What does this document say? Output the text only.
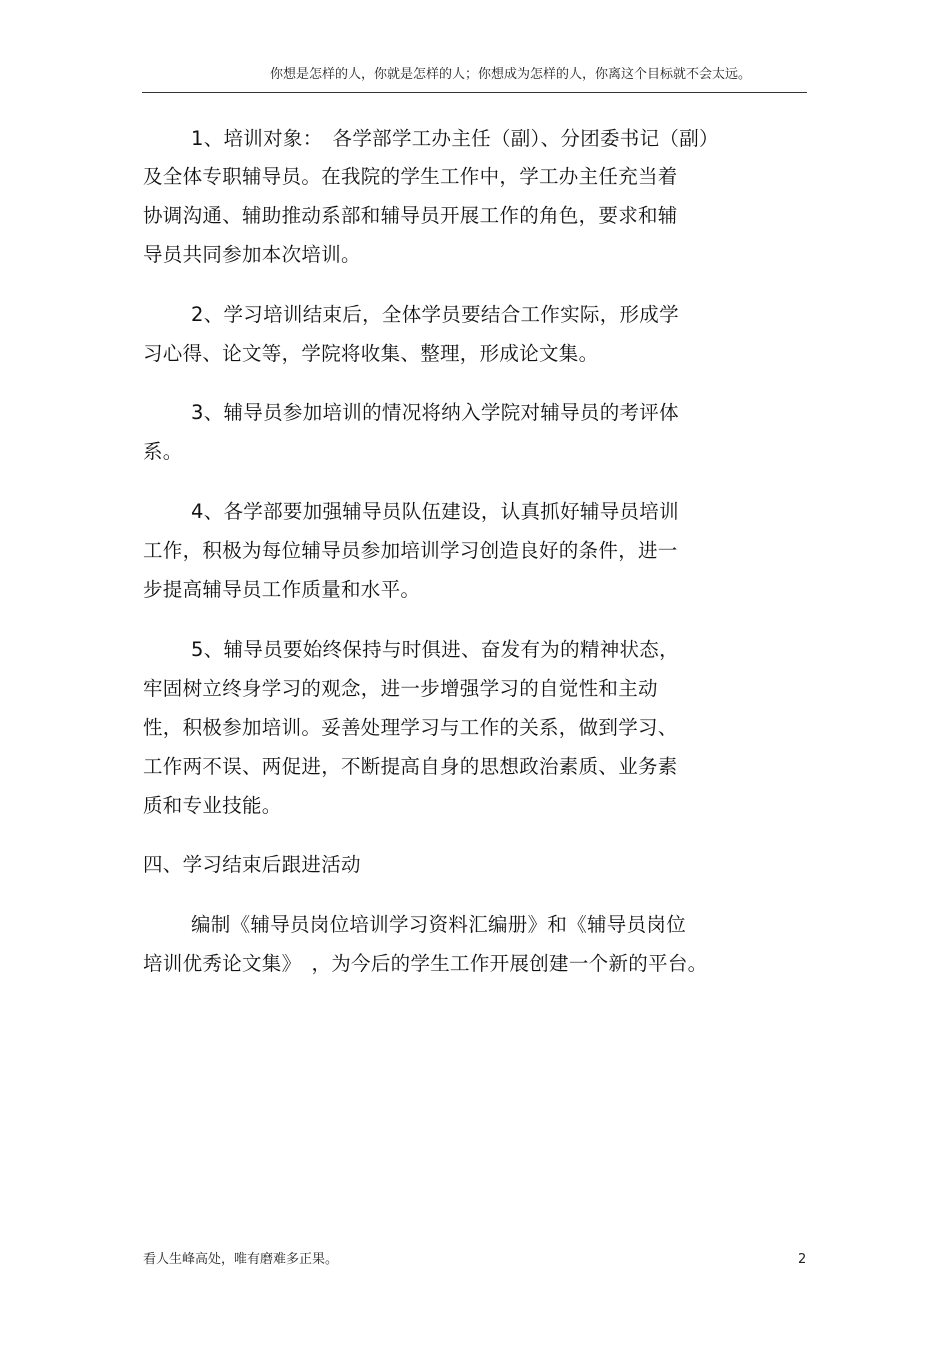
你想是怎样的人，你就是怎样的人；你想成为怎样的人，你离这个目标就不会太远。
1、培训对象：　各学部学工办主任（副）、分团委书记（副）
及全体专职辅导员。在我院的学生工作中，学工办主任充当着
协调沟通、辅助推动系部和辅导员开展工作的角色，要求和辅
导员共同参加本次培训。
2、学习培训结束后，全体学员要结合工作实际，形成学
习心得、论文等，学院将收集、整理，形成论文集。
3、辅导员参加培训的情况将纳入学院对辅导员的考评体
系。
4、各学部要加强辅导员队伍建设，认真抓好辅导员培训
工作，积极为每位辅导员参加培训学习创造良好的条件，进一
步提高辅导员工作质量和水平。
5、辅导员要始终保持与时俱进、奋发有为的精神状态，
牢固树立终身学习的观念，进一步增强学习的自觉性和主动
性，积极参加培训。妥善处理学习与工作的关系，做到学习、
工作两不误、两促进，不断提高自身的思想政治素质、业务素
质和专业技能。
四、学习结束后跟进活动
编制《辅导员岗位培训学习资料汇编册》和《辅导员岗位
培训优秀论文集》　，为今后的学生工作开展创建一个新的平台。
看人生峰高处，唯有磨难多正果。	2
